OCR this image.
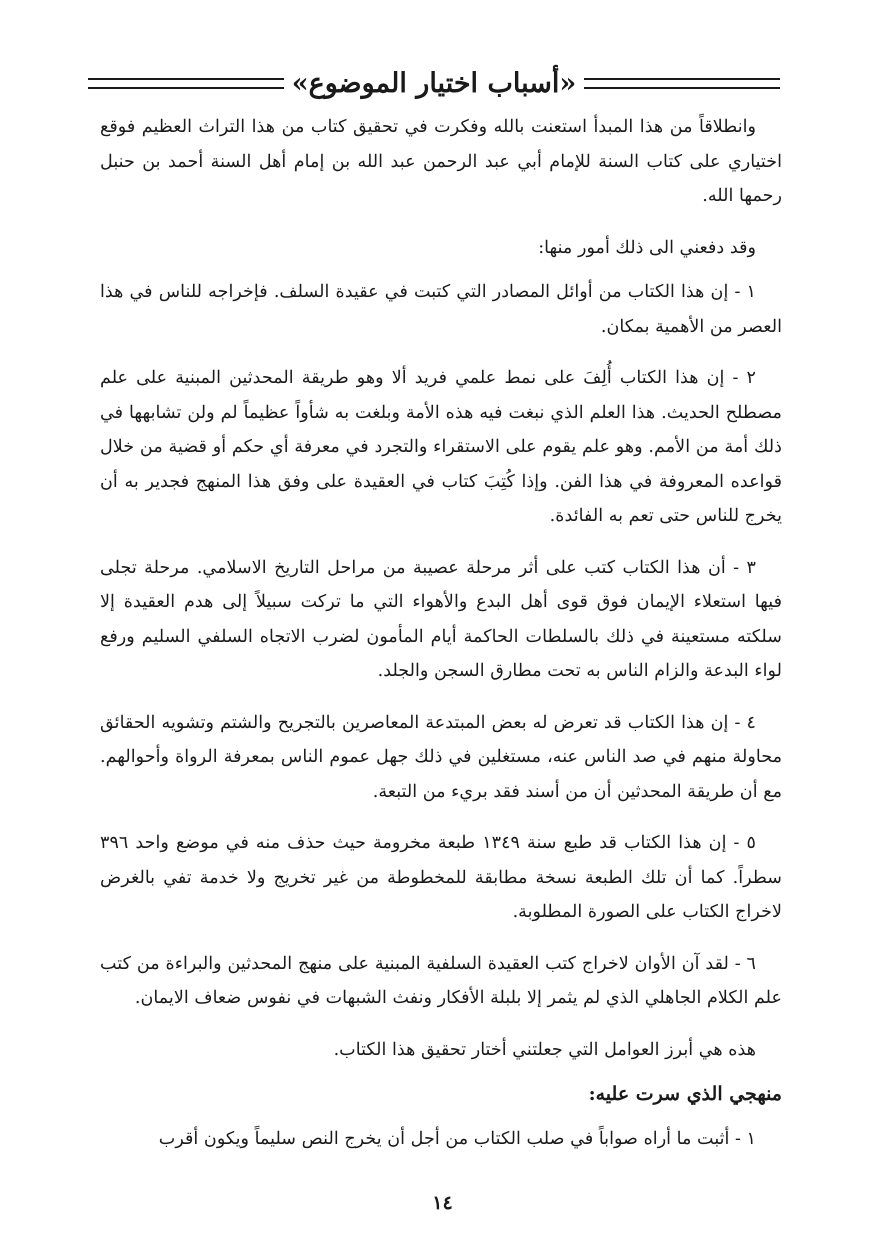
«أسباب اختيار الموضوع»

وانطلاقاً من هذا المبدأ استعنت بالله وفكرت في تحقيق كتاب من هذا التراث العظيم فوقع اختياري على كتاب السنة للإمام أبي عبد الرحمن عبد الله بن إمام أهل السنة أحمد بن حنبل رحمها الله.

وقد دفعني الى ذلك أمور منها:

١ - إن هذا الكتاب من أوائل المصادر التي كتبت في عقيدة السلف. فإخراجه للناس في هذا العصر من الأهمية بمكان.

٢ - إن هذا الكتاب أُلِفَ على نمط علمي فريد ألا وهو طريقة المحدثين المبنية على علم مصطلح الحديث. هذا العلم الذي نبغت فيه هذه الأمة وبلغت به شأواً عظيماً لم ولن تشابهها في ذلك أمة من الأمم. وهو علم يقوم على الاستقراء والتجرد في معرفة أي حكم أو قضية من خلال قواعده المعروفة في هذا الفن. وإذا كُتِبَ كتاب في العقيدة على وفق هذا المنهج فجدير به أن يخرج للناس حتى تعم به الفائدة.

٣ - أن هذا الكتاب كتب على أثر مرحلة عصيبة من مراحل التاريخ الاسلامي. مرحلة تجلى فيها استعلاء الإيمان فوق قوى أهل البدع والأهواء التي ما تركت سبيلاً إلى هدم العقيدة إلا سلكته مستعينة في ذلك بالسلطات الحاكمة أيام المأمون لضرب الاتجاه السلفي السليم ورفع لواء البدعة والزام الناس به تحت مطارق السجن والجلد.

٤ - إن هذا الكتاب قد تعرض له بعض المبتدعة المعاصرين بالتجريح والشتم وتشويه الحقائق محاولة منهم في صد الناس عنه، مستغلين في ذلك جهل عموم الناس بمعرفة الرواة وأحوالهم. مع أن طريقة المحدثين أن من أسند فقد بريء من التبعة.

٥ - إن هذا الكتاب قد طبع سنة ١٣٤٩ طبعة مخرومة حيث حذف منه في موضع واحد ٣٩٦ سطراً. كما أن تلك الطبعة نسخة مطابقة للمخطوطة من غير تخريج ولا خدمة تفي بالغرض لاخراج الكتاب على الصورة المطلوبة.

٦ - لقد آن الأوان لاخراج كتب العقيدة السلفية المبنية على منهج المحدثين والبراءة من كتب علم الكلام الجاهلي الذي لم يثمر إلا بلبلة الأفكار ونفث الشبهات في نفوس ضعاف الايمان.

هذه هي أبرز العوامل التي جعلتني أختار تحقيق هذا الكتاب.

منهجي الذي سرت عليه:

١ - أثبت ما أراه صواباً في صلب الكتاب من أجل أن يخرج النص سليماً ويكون أقرب

١٤
